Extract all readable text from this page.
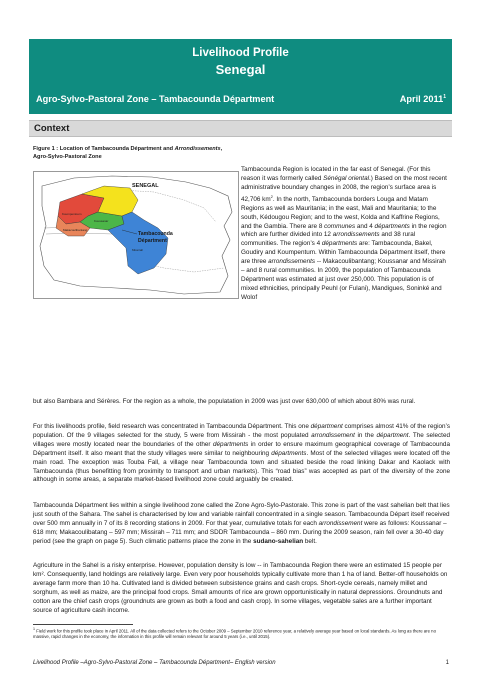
Livelihood Profile
Senegal
Agro-Sylvo-Pastoral Zone – Tambacounda Départment	April 2011$^1$
Context
Figure 1 : Location of Tambacounda Départment and Arrondissements, Agro-Sylvo-Pastoral Zone
SENEGAL
Tambacounda
Départment
Koumpentoum
Koussanar
Makacoulibantang
Missirah

Tambacounda Region is located in the far east of Senegal. (For this reason it was formerly called Sénégal oriental.) Based on the most recent administrative boundary changes in 2008, the region’s surface area is 42,706 $km^2$. In the north, Tambacounda borders Louga and Matam Regions as well as Mauritania; in the east, Mali and Mauritania; to the south, Kédougou Region; and to the west, Kolda and Kaffrine Regions, and the Gambia. There are 8 communes and 4 départments in the region which are further divided into 12 arrondissements and 38 rural communities. The region’s 4 départments are: Tambacounda, Bakel, Goudiry and Koumpentum. Within Tambacounda Départment itself, there are three arrondissements -- Makacoulibantang; Koussanar and Missirah – and 8 rural communities. In 2009, the population of Tambacounda Départment was estimated at just over 250,000. This population is of mixed ethnicities, principally Peuhl (or Fulani), Mandigues, Soninké and Wolof

but also Bambara and Sérères. For the region as a whole, the populatation in 2009 was just over 630,000 of which about 80% was rural.

For this livelihoods profile, field research was concentrated in Tambacounda Départment. This one départment comprises almost 41% of the region’s population. Of the 9 villages selected for the study, 5 were from Missirah - the most populated arrondissement in the départment. The selected villages were mostly located near the boundaries of the other départments in order to ensure maximum geographical coverage of Tambacounda Départment itself. It also meant that the study villages were similar to neighbouring départments. Most of the selected villages were located off the main road. The exception was Touba Fall, a village near Tambacounda town and situated beside the road linking Dakar and Kaolack with Tambacounda (thus benefitting from proximity to transport and urban markets). This “road bias” was accepted as part of the diversity of the zone although in some areas, a separate market-based livelihood zone could arguably be created.

Tambacounda Départment lies within a single livelihood zone called the Zone Agro-Sylo-Pastorale. This zone is part of the vast sahelian belt that lies just south of the Sahara. The sahel is characterised by low and variable rainfall concentrated in a single season. Tambacounda Départ itself received over 500 mm annually in 7 of its 8 recording stations in 2009. For that year, cumulative totals for each arrondissement were as follows: Koussanar – 618 mm; Makacoulibatang – 597 mm; Missirah – 711 mm; and SDDR Tambacounda – 860 mm. During the 2009 season, rain fell over a 30-40 day period (see the graph on page 5). Such climatic patterns place the zone in the sudano-sahelian belt.

Agriculture in the Sahel is a risky enterprise. However, population density is low -- in Tambacounda Region there were an estimated 15 people per km². Consequently, land holdings are relatively large. Even very poor households typically cultivate more than 1 ha of land. Better-off households on average farm more than 10 ha. Cultivated land is divided between subsistence grains and cash crops. Short-cycle cereals, namely millet and sorghum, as well as maize, are the principal food crops. Small amounts of rice are grown opportunistically in natural depressions. Groundnuts and cotton are the chief cash crops (groundnuts are grown as both a food and cash crop). In some villages, vegetable sales are a further important source of agriculture cash income.

$^1$ Field work for this profile took place in April 2011. All of the data collected refers to the October 2009 – September 2010 reference year, a relatively average year based on local standards. As long as there are no massive, rapid changes in the economy, the information in this profile will remain relevant for around 5 years (i.e., until 2015).
Livelihood Profile –Agro-Sylvo-Pastoral Zone – Tambacounda Départment– English version	1
